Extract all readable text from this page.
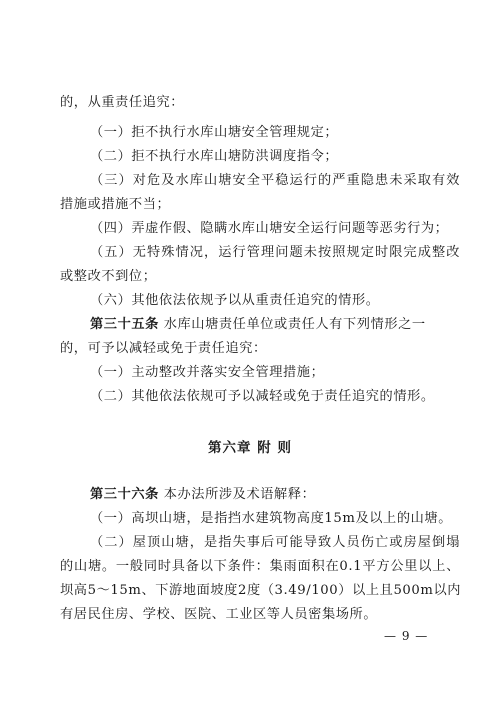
的，从重责任追究：
（一）拒不执行水库山塘安全管理规定；
（二）拒不执行水库山塘防洪调度指令；
（三）对危及水库山塘安全平稳运行的严重隐患未采取有效
措施或措施不当；
（四）弄虚作假、隐瞒水库山塘安全运行问题等恶劣行为；
（五）无特殊情况，运行管理问题未按照规定时限完成整改
或整改不到位；
（六）其他依法依规予以从重责任追究的情形。
第三十五条 水库山塘责任单位或责任人有下列情形之一
的，可予以减轻或免于责任追究：
（一）主动整改并落实安全管理措施；
（二）其他依法依规可予以减轻或免于责任追究的情形。
第六章 附 则
第三十六条 本办法所涉及术语解释：
（一）高坝山塘，是指挡水建筑物高度15m及以上的山塘。
（二）屋顶山塘，是指失事后可能导致人员伤亡或房屋倒塌
的山塘。一般同时具备以下条件：集雨面积在0.1平方公里以上、
坝高5～15m、下游地面坡度2度（3.49/100）以上且500m以内
有居民住房、学校、医院、工业区等人员密集场所。
— 9 —
